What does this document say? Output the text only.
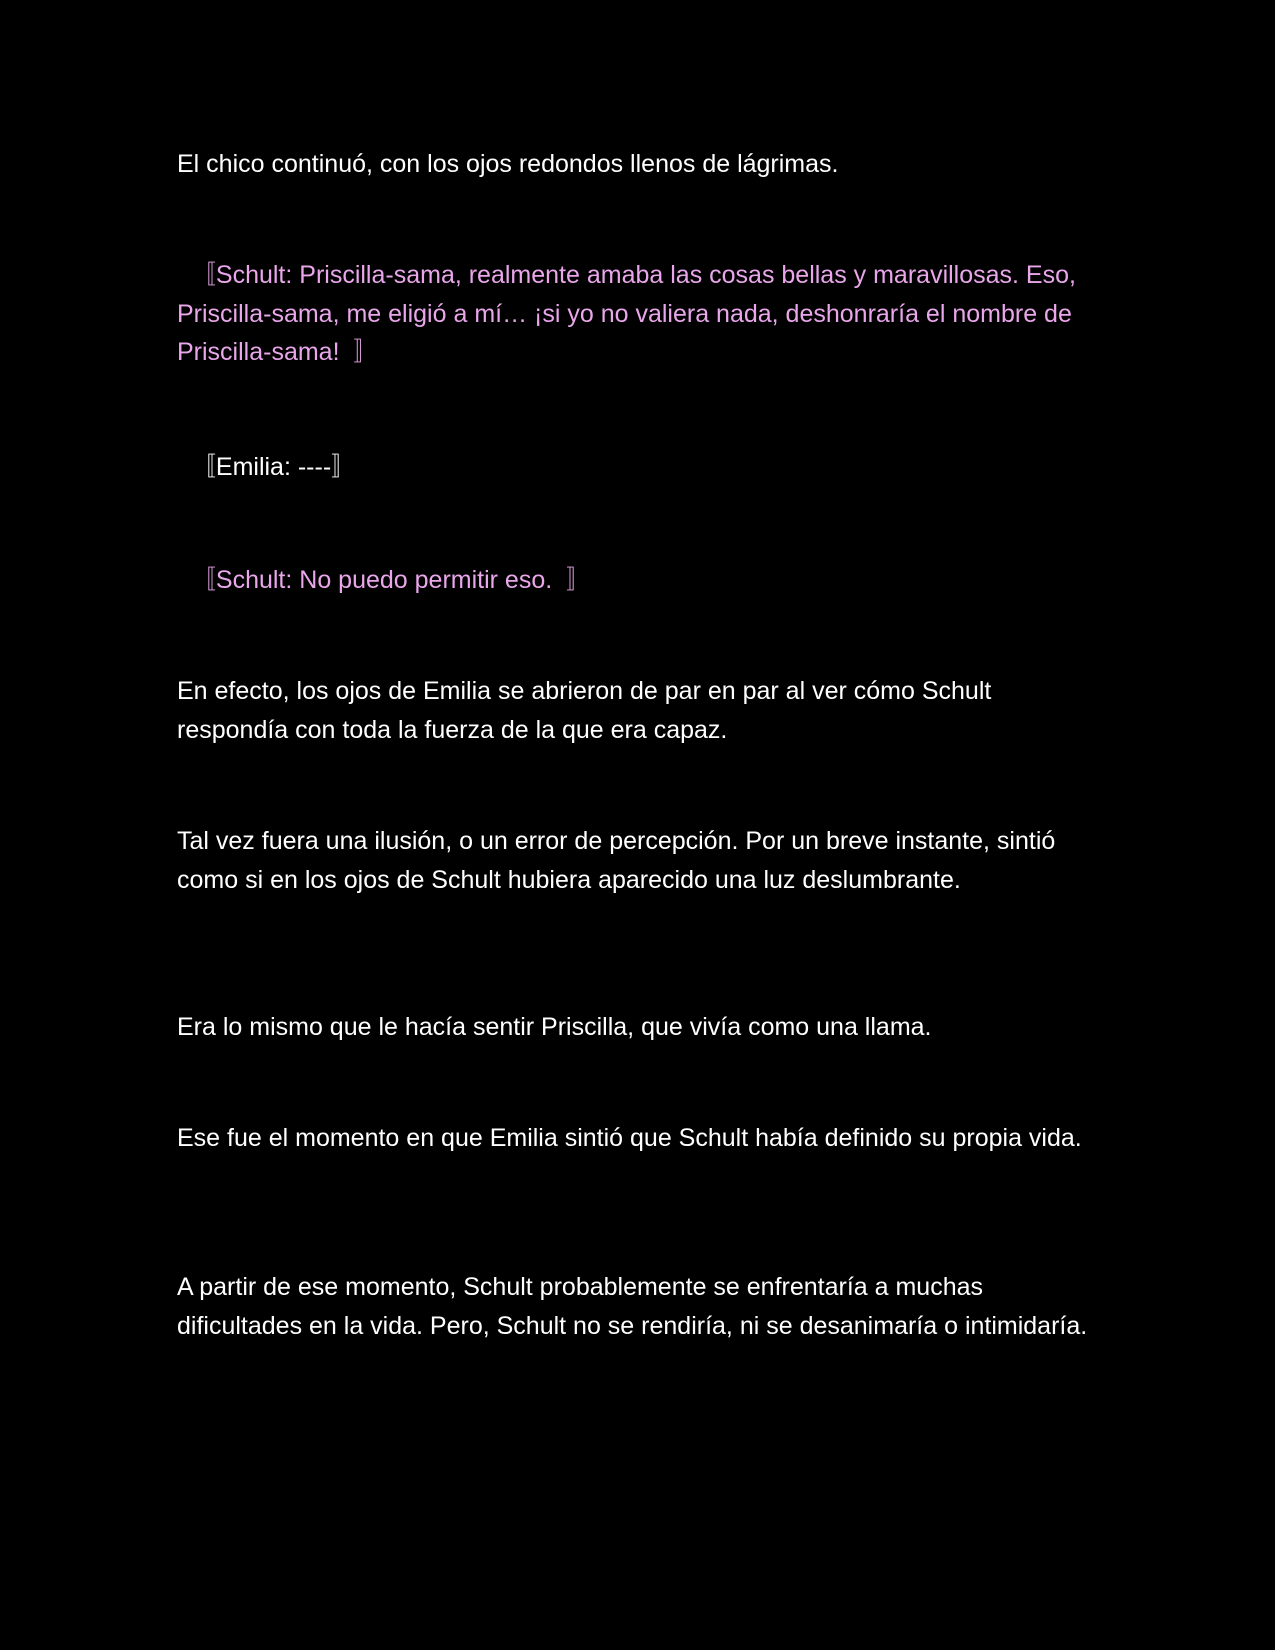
El chico continuó, con los ojos redondos llenos de lágrimas.

〚Schult: Priscilla-sama, realmente amaba las cosas bellas y maravillosas. Eso, Priscilla-sama, me eligió a mí… ¡si yo no valiera nada, deshonraría el nombre de Priscilla-sama!  〛

〚Emilia: ----〛

〚Schult: No puedo permitir eso.  〛

En efecto, los ojos de Emilia se abrieron de par en par al ver cómo Schult respondía con toda la fuerza de la que era capaz.

Tal vez fuera una ilusión, o un error de percepción. Por un breve instante, sintió como si en los ojos de Schult hubiera aparecido una luz deslumbrante.

Era lo mismo que le hacía sentir Priscilla, que vivía como una llama.

Ese fue el momento en que Emilia sintió que Schult había definido su propia vida.

A partir de ese momento, Schult probablemente se enfrentaría a muchas dificultades en la vida. Pero, Schult no se rendiría, ni se desanimaría o intimidaría.
